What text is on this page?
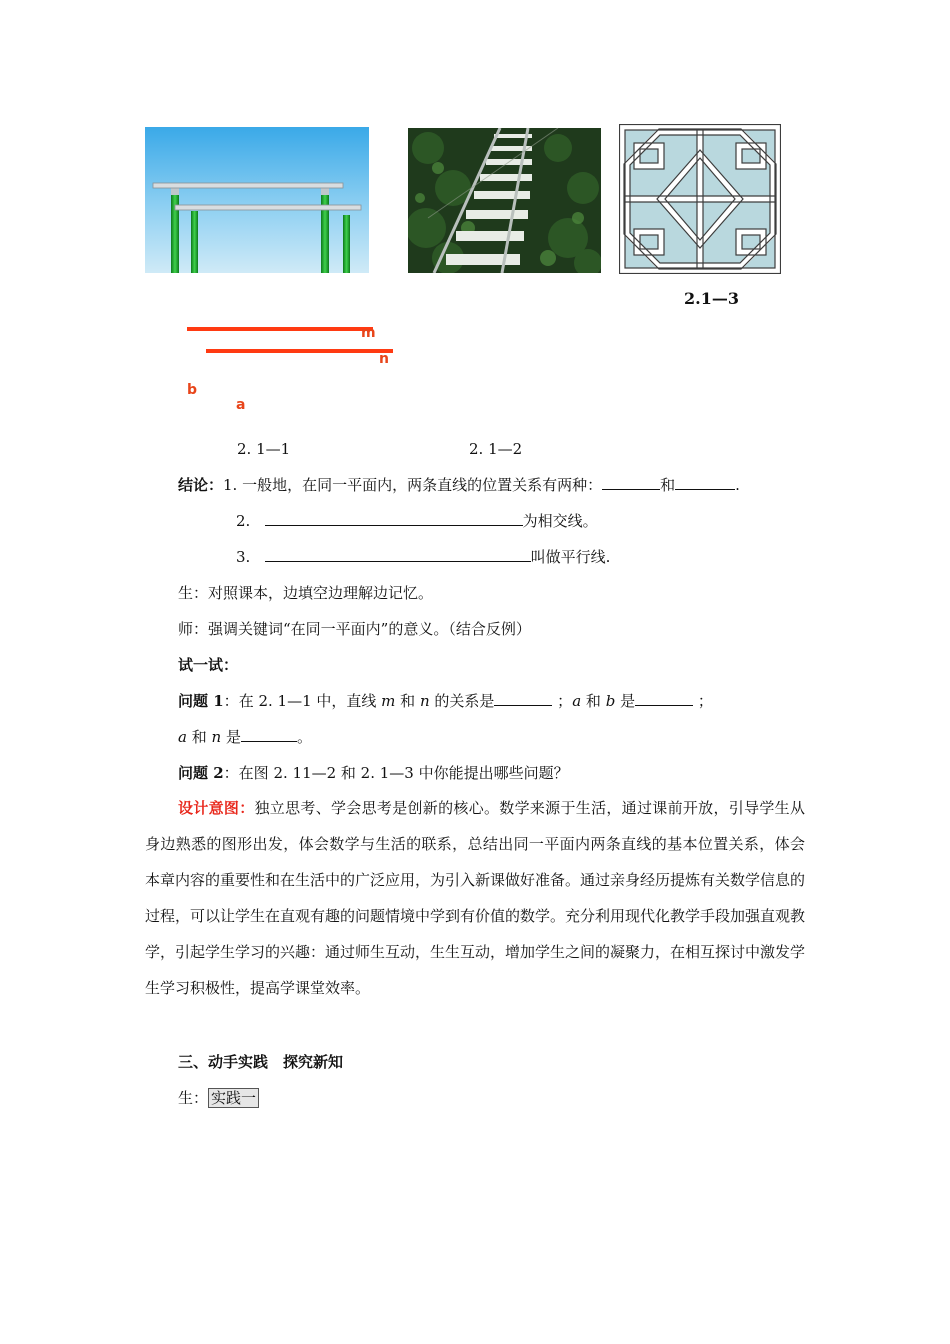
2.1—3
m
n
b
a
2. 1—1	2. 1—2
结论：1. 一般地，在同一平面内，两条直线的位置关系有两种：	和	.
2.	为相交线。
3.	叫做平行线.
生：对照课本，边填空边理解边记忆。
师：强调关键词“在同一平面内”的意义。（结合反例）
试一试：
问题 1：在 2. 1—1 中，直线 m 和 n 的关系是	；a 和 b 是	；
a 和 n 是	。
问题 2：在图 2. 11—2 和 2. 1—3 中你能提出哪些问题？
设计意图：独立思考、学会思考是创新的核心。数学来源于生活，通过课前开放，引导学生从身边熟悉的图形出发，体会数学与生活的联系，总结出同一平面内两条直线的基本位置关系，体会 本章内容的重要性和在生活中的广泛应用，为引入新课做好准备。通过亲身经历提炼有关数学信息的过程，可以让学生在直观有趣的问题情境中学到有价值的数学。充分利用现代化教学手段加强直观教学，引起学生学习的兴趣：通过师生互动，生生互动，增加学生之间的凝聚力，在相互探讨中激发学生学习积极性，提高学课堂效率。
三、动手实践　探究新知
生： 实践一
